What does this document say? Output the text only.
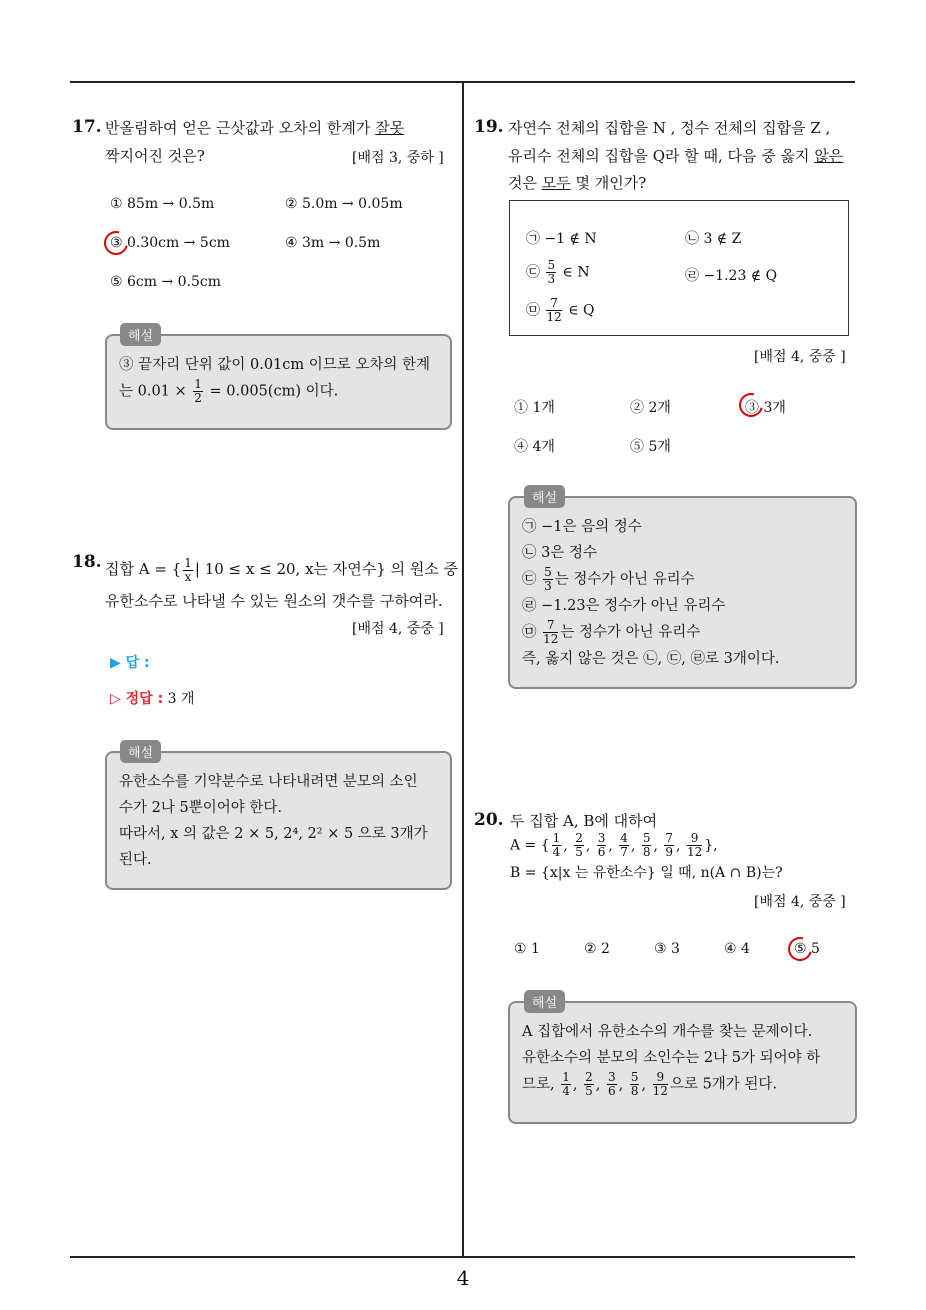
4
17. 반올림하여 얻은 근삿값과 오차의 한계가 잘못
짝지어진 것은?	[배점 3, 중하 ]
① 85m → 0.5m	② 5.0m → 0.05m
③ 0.30cm → 5cm	④ 3m → 0.5m
⑤ 6cm → 0.5cm
③ 끝자리 단위 값이 0.01cm 이므로 오차의 한계
는 $0.01 \times \frac{1}{2} = 0.005(cm)$ 이다.
해설
18. 집합 A = { $\frac{1}{x}$ | 10 ≤ x ≤ 20, x는 자연수} 의 원소 중
유한소수로 나타낼 수 있는 원소의 갯수를 구하여라.
[배점 4, 중중 ]
▶ 답 :
▷ 정답 : 3 개
유한소수를 기약분수로 나타내려면 분모의 소인
수가 2나 5뿐이어야 한다.
따라서, x 의 값은 2 × 5, 2⁴, 2² × 5 으로 3개가
된다.
해설
19. 자연수 전체의 집합을 N , 정수 전체의 집합을 Z ,
유리수 전체의 집합을 Q라 할 때, 다음 중 옳지 않은
것은 모두 몇 개인가?
㉠ −1 ∉ N	㉡ 3 ∉ Z
㉢ $\frac{5}{3}$ ∈ N	㉣ −1.23 ∉ Q
㉤ $\frac{7}{12}$ ∈ Q
[배점 4, 중중 ]
① 1개	② 2개	③ 3개
④ 4개	⑤ 5개
㉠ −1은 음의 정수
㉡ 3은 정수
㉢ $\frac{5}{3}$ 는 정수가 아닌 유리수
㉣ −1.23은 정수가 아닌 유리수
㉤ $\frac{7}{12}$ 는 정수가 아닌 유리수
즉, 옳지 않은 것은 ㉡, ㉢, ㉣로 3개이다.
해설
20. 두 집합 A, B에 대하여
A = { $\frac{1}{4}$ , $\frac{2}{5}$ , $\frac{3}{6}$ , $\frac{4}{7}$ , $\frac{5}{8}$ , $\frac{7}{9}$ , $\frac{9}{12}$ },
B = {x|x 는 유한소수} 일 때, n(A ∩ B)는?
[배점 4, 중중 ]
① 1	② 2	③ 3	④ 4	⑤ 5
A 집합에서 유한소수의 개수를 찾는 문제이다.
유한소수의 분모의 소인수는 2나 5가 되어야 하
므로, $\frac{1}{4}$ , $\frac{2}{5}$ , $\frac{3}{6}$ , $\frac{5}{8}$ , $\frac{9}{12}$ 으로 5개가 된다.
해설
